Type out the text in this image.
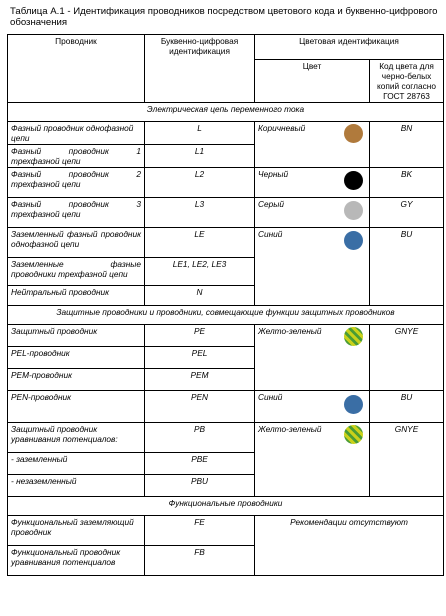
Таблица А.1 - Идентификация проводников посредством цветового кода и буквенно-цифрового обозначения
Проводник	Буквенно-цифровая идентификация	Цветовая идентификация	
		Цвет	Код цвета для черно-белых копий согласно ГОСТ 28763
Электрическая цепь переменного тока			
Фазный проводник однофазной цепи	L	Коричневый	BN
Фазный проводник 1 трехфазной цепи	L1		
Фазный проводник 2 трехфазной цепи	L2	Черный	BK
Фазный проводник 3 трехфазной цепи	L3	Серый	GY
Заземленный фазный проводник однофазной цепи	LE	Синий	BU
Заземленные фазные проводники трехфазной цепи	LE1, LE2, LE3		
Нейтральный проводник	N		
Защитные проводники и проводники, совмещающие функции защитных проводников			
Защитный проводник	PE	Желто-зеленый	GNYE
PEL-проводник	PEL		
PEM-проводник	PEM		
PEN-проводник	PEN	Синий	BU
Защитный проводник уравнивания потенциалов:	PB	Желто-зеленый	GNYE
- заземленный	PBE		
- незаземленный	PBU		
Функциональные проводники			
Функциональный заземляющий проводник	FE	Рекомендации отсутствуют	
Функциональный проводник уравнивания потенциалов	FB		
